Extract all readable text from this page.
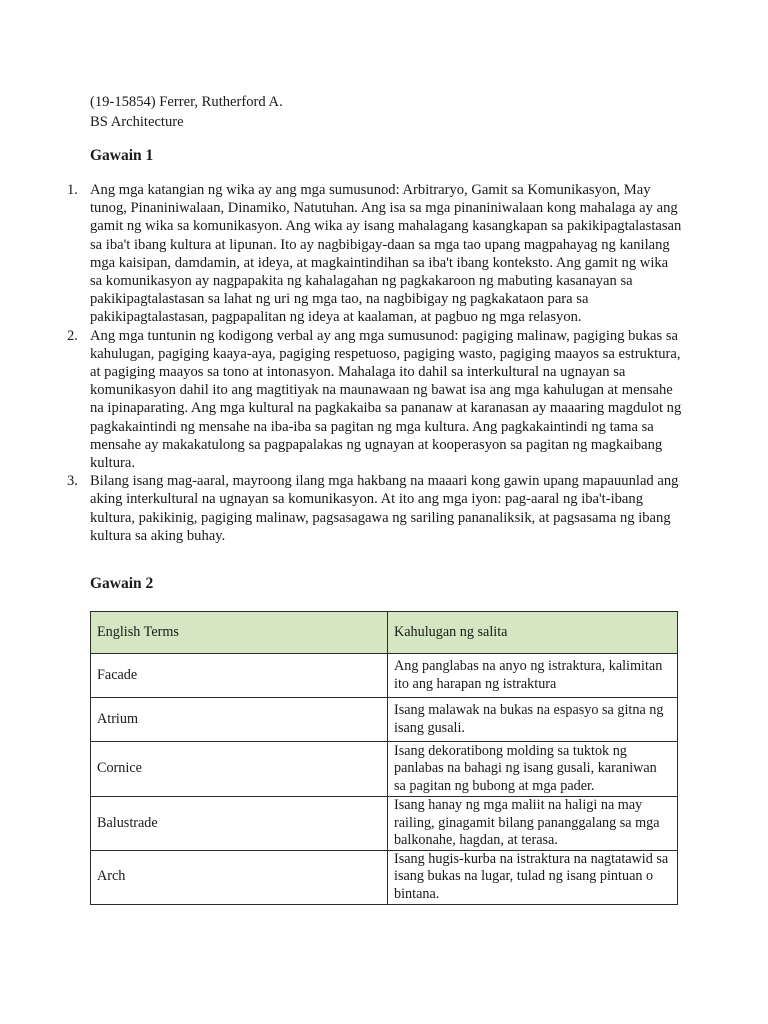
(19-15854) Ferrer, Rutherford A.
BS Architecture
Gawain 1
1. Ang mga katangian ng wika ay ang mga sumusunod: Arbitraryo, Gamit sa Komunikasyon, May tunog, Pinaniniwalaan, Dinamiko, Natutuhan. Ang isa sa mga pinaniniwalaan kong mahalaga ay ang gamit ng wika sa komunikasyon. Ang wika ay isang mahalagang kasangkapan sa pakikipagtalastasan sa iba't ibang kultura at lipunan. Ito ay nagbibigay-daan sa mga tao upang magpahayag ng kanilang mga kaisipan, damdamin, at ideya, at magkaintindihan sa iba't ibang konteksto. Ang gamit ng wika sa komunikasyon ay nagpapakita ng kahalagahan ng pagkakaroon ng mabuting kasanayan sa pakikipagtalastasan sa lahat ng uri ng mga tao, na nagbibigay ng pagkakataon para sa pakikipagtalastasan, pagpapalitan ng ideya at kaalaman, at pagbuo ng mga relasyon.
2. Ang mga tuntunin ng kodigong verbal ay ang mga sumusunod: pagiging malinaw, pagiging bukas sa kahulugan, pagiging kaaya-aya, pagiging respetuoso, pagiging wasto, pagiging maayos sa estruktura, at pagiging maayos sa tono at intonasyon. Mahalaga ito dahil sa interkultural na ugnayan sa komunikasyon dahil ito ang magtitiyak na maunawaan ng bawat isa ang mga kahulugan at mensahe na ipinaparating. Ang mga kultural na pagkakaiba sa pananaw at karanasan ay maaaring magdulot ng pagkakaintindi ng mensahe na iba-iba sa pagitan ng mga kultura. Ang pagkakaintindi ng tama sa mensahe ay makakatulong sa pagpapalakas ng ugnayan at kooperasyon sa pagitan ng magkaibang kultura.
3. Bilang isang mag-aaral, mayroong ilang mga hakbang na maaari kong gawin upang mapauunlad ang aking interkultural na ugnayan sa komunikasyon. At ito ang mga iyon: pag-aaral ng iba't-ibang kultura, pakikinig, pagiging malinaw, pagsasagawa ng sariling pananaliksik, at pagsasama ng ibang kultura sa aking buhay.
Gawain 2
English Terms	Kahulugan ng salita
Facade	Ang panglabas na anyo ng istraktura, kalimitan ito ang harapan ng istraktura
Atrium	Isang malawak na bukas na espasyo sa gitna ng isang gusali.
Cornice	Isang dekoratibong molding sa tuktok ng panlabas na bahagi ng isang gusali, karaniwan sa pagitan ng bubong at mga pader.
Balustrade	Isang hanay ng mga maliit na haligi na may railing, ginagamit bilang pananggalang sa mga balkonahe, hagdan, at terasa.
Arch	Isang hugis-kurba na istraktura na nagtatawid sa isang bukas na lugar, tulad ng isang pintuan o bintana.
